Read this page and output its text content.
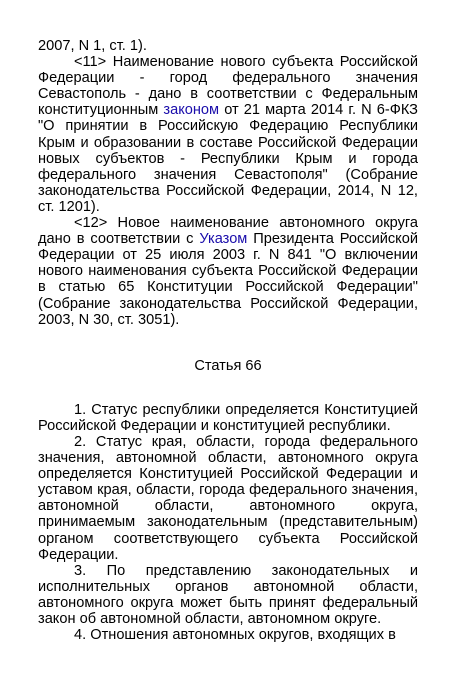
2007, N 1, ст. 1).

<11> Наименование нового субъекта Российской Федерации - город федерального значения Севастополь - дано в соответствии с Федеральным конституционным законом от 21 марта 2014 г. N 6-ФКЗ "О принятии в Российскую Федерацию Республики Крым и образовании в составе Российской Федерации новых субъектов - Республики Крым и города федерального значения Севастополя" (Собрание законодательства Российской Федерации, 2014, N 12, ст. 1201).

<12> Новое наименование автономного округа дано в соответствии с Указом Президента Российской Федерации от 25 июля 2003 г. N 841 "О включении нового наименования субъекта Российской Федерации в статью 65 Конституции Российской Федерации" (Собрание законодательства Российской Федерации, 2003, N 30, ст. 3051).

Статья 66

1. Статус республики определяется Конституцией Российской Федерации и конституцией республики.

2. Статус края, области, города федерального значения, автономной области, автономного округа определяется Конституцией Российской Федерации и уставом края, области, города федерального значения, автономной области, автономного округа, принимаемым законодательным (представительным) органом соответствующего субъекта Российской Федерации.

3. По представлению законодательных и исполнительных органов автономной области, автономного округа может быть принят федеральный закон об автономной области, автономном округе.

4. Отношения автономных округов, входящих в
